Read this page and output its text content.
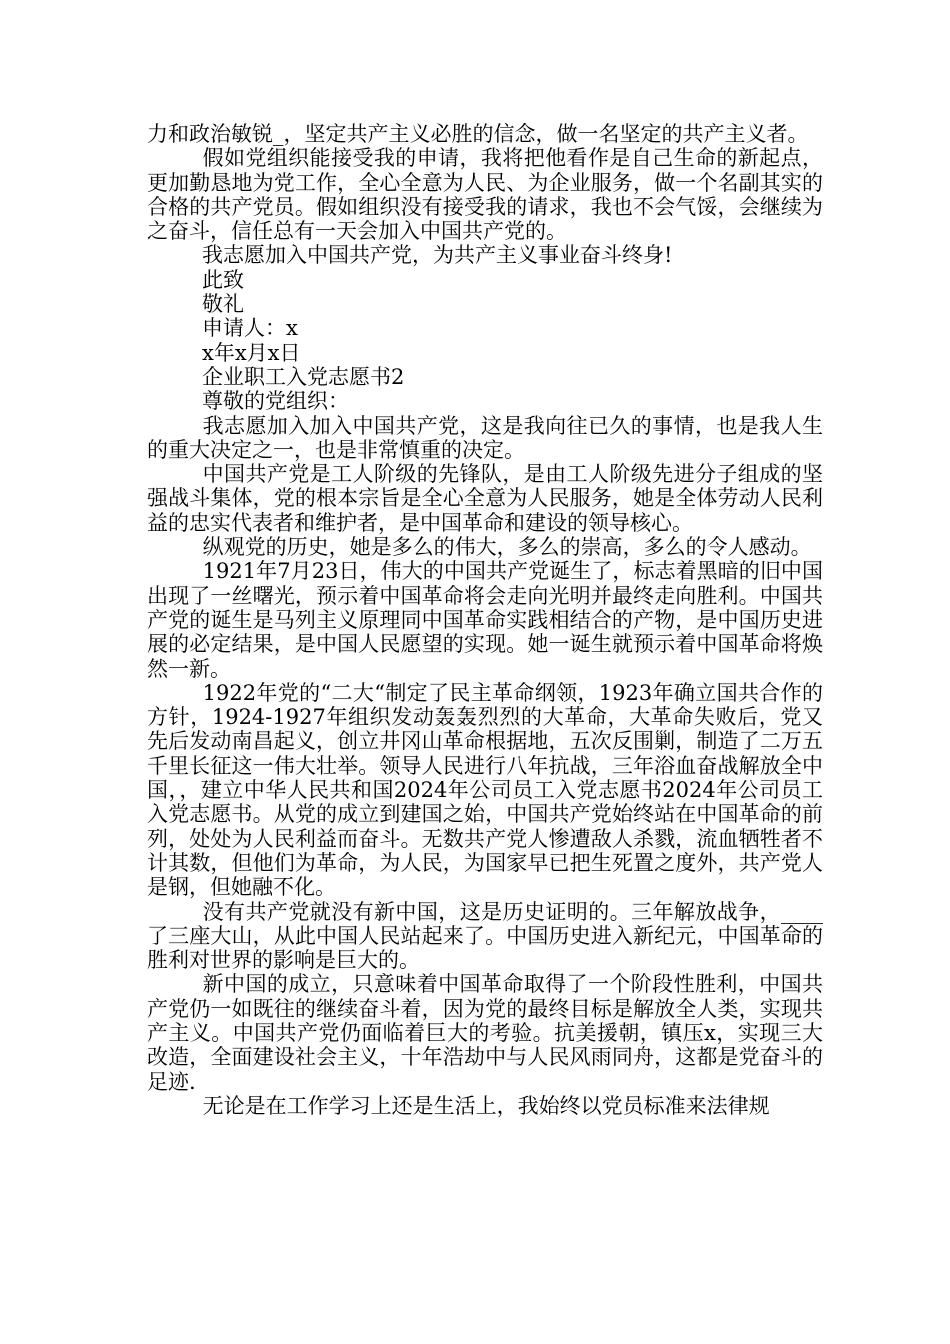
力和政治敏锐_，坚定共产主义必胜的信念，做一名坚定的共产主义者。

假如党组织能接受我的申请，我将把他看作是自己生命的新起点，更加勤恳地为党工作，全心全意为人民、为企业服务，做一个名副其实的合格的共产党员。假如组织没有接受我的请求，我也不会气馁，会继续为之奋斗，信任总有一天会加入中国共产党的。

我志愿加入中国共产党，为共产主义事业奋斗终身!

此致

敬礼

申请人：x

x年x月x日

企业职工入党志愿书2

尊敬的党组织：

我志愿加入加入中国共产党，这是我向往已久的事情，也是我人生的重大决定之一，也是非常慎重的决定。

中国共产党是工人阶级的先锋队，是由工人阶级先进分子组成的坚强战斗集体，党的根本宗旨是全心全意为人民服务，她是全体劳动人民利益的忠实代表者和维护者，是中国革命和建设的领导核心。

纵观党的历史，她是多么的伟大，多么的崇高，多么的令人感动。

1921年7月23日，伟大的中国共产党诞生了，标志着黑暗的旧中国出现了一丝曙光，预示着中国革命将会走向光明并最终走向胜利。中国共产党的诞生是马列主义原理同中国革命实践相结合的产物，是中国历史进展的必定结果，是中国人民愿望的实现。她一诞生就预示着中国革命将焕然一新。

1922年党的“二大“制定了民主革命纲领，1923年确立国共合作的方针，1924-1927年组织发动轰轰烈烈的大革命，大革命失败后，党又先后发动南昌起义，创立井冈山革命根据地，五次反围剿，制造了二万五千里长征这一伟大壮举。领导人民进行八年抗战，三年浴血奋战解放全中国，，建立中华人民共和国2024年公司员工入党志愿书2024年公司员工入党志愿书。从党的成立到建国之始，中国共产党始终站在中国革命的前列，处处为人民利益而奋斗。无数共产党人惨遭敌人杀戮，流血牺牲者不计其数，但他们为革命，为人民，为国家早已把生死置之度外，共产党人是钢，但她融不化。

没有共产党就没有新中国，这是历史证明的。三年解放战争，____了三座大山，从此中国人民站起来了。中国历史进入新纪元，中国革命的胜利对世界的影响是巨大的。

新中国的成立，只意味着中国革命取得了一个阶段性胜利，中国共产党仍一如既往的继续奋斗着，因为党的最终目标是解放全人类，实现共产主义。中国共产党仍面临着巨大的考验。抗美援朝，镇压x，实现三大改造，全面建设社会主义，十年浩劫中与人民风雨同舟，这都是党奋斗的足迹.

无论是在工作学习上还是生活上，我始终以党员标准来法律规
